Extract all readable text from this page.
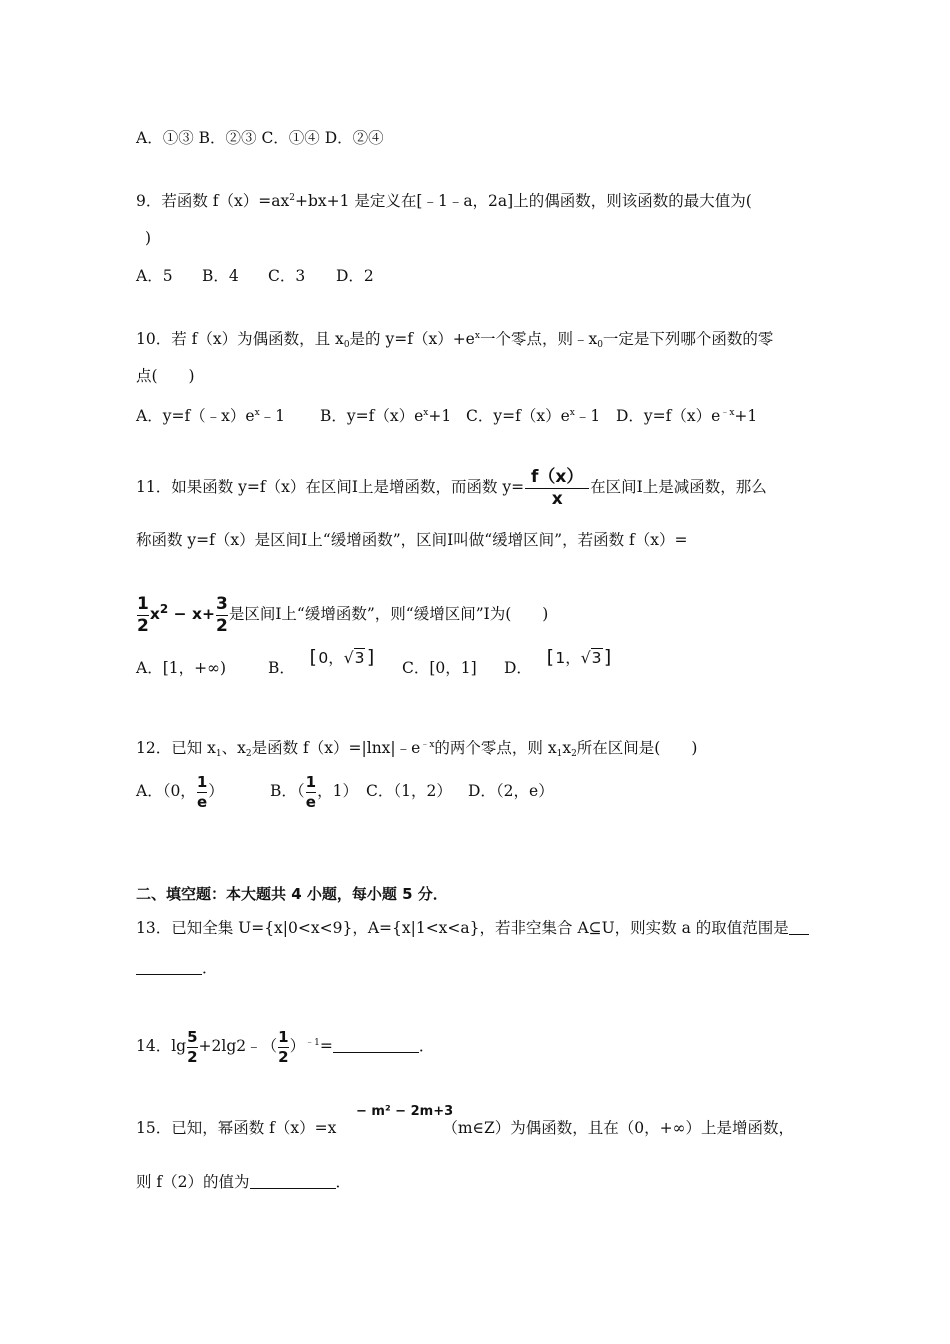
A．①③ B．②③ C．①④ D．②④
9．若函数 $f(x)=ax^2+bx+1$ 是定义在[﹣1﹣a，2a]上的偶函数，则该函数的最大值为(
)
A．5 B．4 C．3 D．2
10．若 f（x）为偶函数，且 $x_0$是的 $y=f(x)+e^x$一个零点，则$﹣x_0$一定是下列哪个函数的零
点(　　)
A．$y=f(﹣x)e^x﹣1$ B．$y=f(x)e^x+1$ C．$y=f(x)e^x﹣1$ D．$y=f(x)e^{﹣x}+1$
11．如果函数 y=f（x）在区间Ⅰ上是增函数，而函数 $y= \frac{f(x)}{x}$ 在区间Ⅰ上是减函数，那么
称函数 y=f（x）是区间Ⅰ上“缓增函数”，区间Ⅰ叫做“缓增区间”，若函数 f（x）=
$\frac{1}{2} x^2 - x+ \frac{3}{2}$ 是区间Ⅰ上“缓增函数”，则“缓增区间”Ⅰ为(　　)
A．[1，+∞)	B． [0，√3] C．[0，1] D． [1，√3]
12．已知 $x_1$、$x_2$是函数 $f(x)=|\ln x|﹣e^{﹣x}$的两个零点，则 $x_1x_2$所在区间是(　　)
A．（0， $\frac{1}{e}$ ）	B．（ $\frac{1}{e}$ ，1） C．（1，2） D．（2，e）
二、填空题：本大题共 4 小题，每小题 5 分．
13．已知全集 U={x|0<x<9}，A={x|1<x<a}，若非空集合 A⊆U，则实数 a 的取值范围是
．
14．$\lg \frac{5}{2}$ +2lg2﹣（ $\frac{1}{2} )^{﹣1}=$	．
− m² − 2m+3
15．已知，幂函数 f（x）=x	（m∈Z）为偶函数，且在（0，+∞）上是增函数，
则 f（2）的值为	．
